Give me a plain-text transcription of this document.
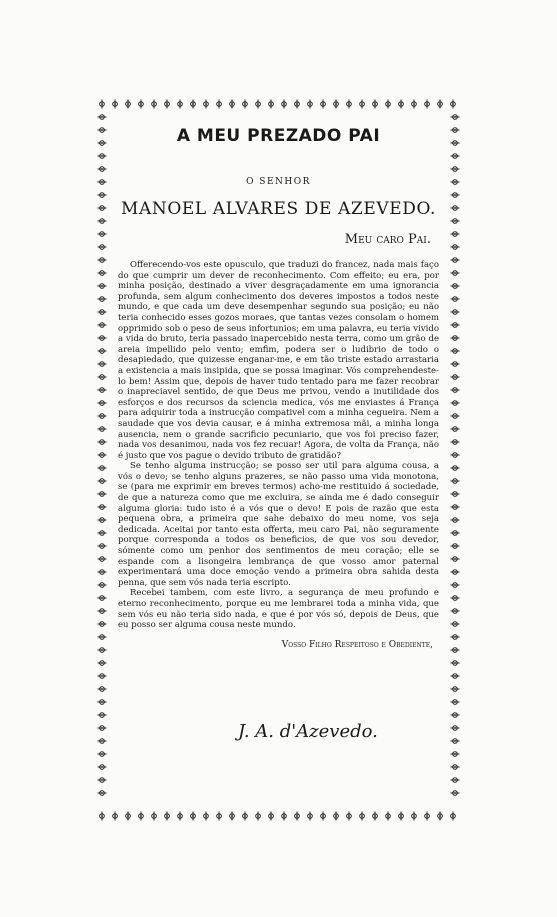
A MEU PREZADO PAI
O SENHOR
MANOEL ALVARES DE AZEVEDO.
Meu caro Pai.

Offerecendo-vos este opusculo, que traduzi do francez, nada mais faço do que cumprir um dever de reconhecimento. Com effeito; eu era, por minha posição, destinado a viver desgraçadamente em uma ignorancia profunda, sem algum conhecimento dos deveres impostos a todos neste mundo, e que cada um deve desempenhar segundo sua posição; eu não teria conhecido esses gozos moraes, que tantas vezes consolam o homem opprimido sob o peso de seus infortunios; em uma palavra, eu teria vivido a vida do bruto, teria passado inapercebido nesta terra, como um grão de areia impellido pelo vento; emfim, podera ser o ludibrio de todo o desapiedado, que quizesse enganar-me, e em tão triste estado arrastaria a existencia a mais insipida, que se possa imaginar. Vós comprehendeste-lo bem! Assim que, depois de haver tudo tentado para me fazer recobrar o inapreciavel sentido, de que Deus me privou, vendo a inutilidade dos esforços e dos recursos da sciencia medica, vós me enviastes á França para adquirir toda a instrucção compativel com a minha cegueira. Nem a saudade que vos devia causar, e á minha extremosa mãi, a minha longa ausencia, nem o grande sacrificio pecuniario, que vos foi preciso fazer, nada vos desanimou, nada vos fez recuar! Agora, de volta da França, não é justo que vos pague o devido tributo de gratidão?

Se tenho alguma instrucção; se posso ser util para alguma cousa, a vós o devo; se tenho alguns prazeres, se não passo uma vida monotona, se (para me exprimir em breves termos) acho-me restituido á sociedade, de que a natureza como que me excluira, se ainda me é dado conseguir alguma gloria: tudo isto é a vós que o devo! E pois de razão que esta pequena obra, a primeira que sahe debaixo do meu nome, vos seja dedicada. Aceitai por tanto esta offerta, meu caro Pai, não seguramente porque corresponda a todos os beneficios, de que vos sou devedor, sómente como um penhor dos sentimentos de meu coração; elle se espande com a lisongeira lembrança de que vosso amor paternal experimentará uma doce emoção vendo a primeira obra sahida desta penna, que sem vós nada teria escripto.

Recebei tambem, com este livro, a segurança de meu profundo e eterno reconhecimento, porque eu me lembrarei toda a minha vida, que sem vós eu não teria sido nada, e que é por vós só, depois de Deus, que eu posso ser alguma cousa neste mundo.

Vosso Filho Respeitoso e Obediente,
J. A. d'Azevedo.
